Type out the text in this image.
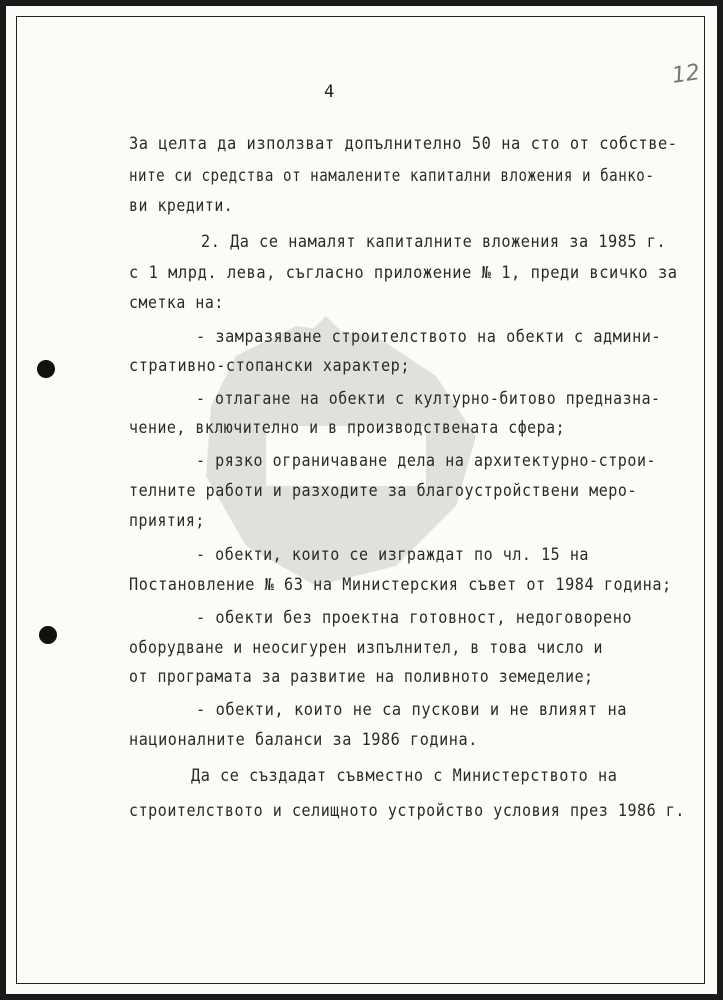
4
12
За целта да използват допълнително 50 на сто от собстве-
ните си средства от намалените капитални вложения и банко-
ви кредити.
2. Да се намалят капиталните вложения за 1985 г.
с 1 млрд. лева, съгласно приложение № 1, преди всичко за
сметка на:
- замразяване строителството на обекти с админи-
стративно-стопански характер;
- отлагане на обекти с културно-битово предназна-
чение, включително и в производствената сфера;
- рязко ограничаване дела на архитектурно-строи-
телните работи и разходите за благоустройствени меро-
приятия;
- обекти, които се изграждат по чл. 15 на
Постановление № 63 на Министерския съвет от 1984 година;
- обекти без проектна готовност, недоговорено
оборудване и неосигурен изпълнител, в това число и
от програмата за развитие на поливното земеделие;
- обекти, които не са пускови и не влияят на
националните баланси за 1986 година.
Да се създадат съвместно с Министерството на
строителството и селищното устройство условия през 1986 г.
